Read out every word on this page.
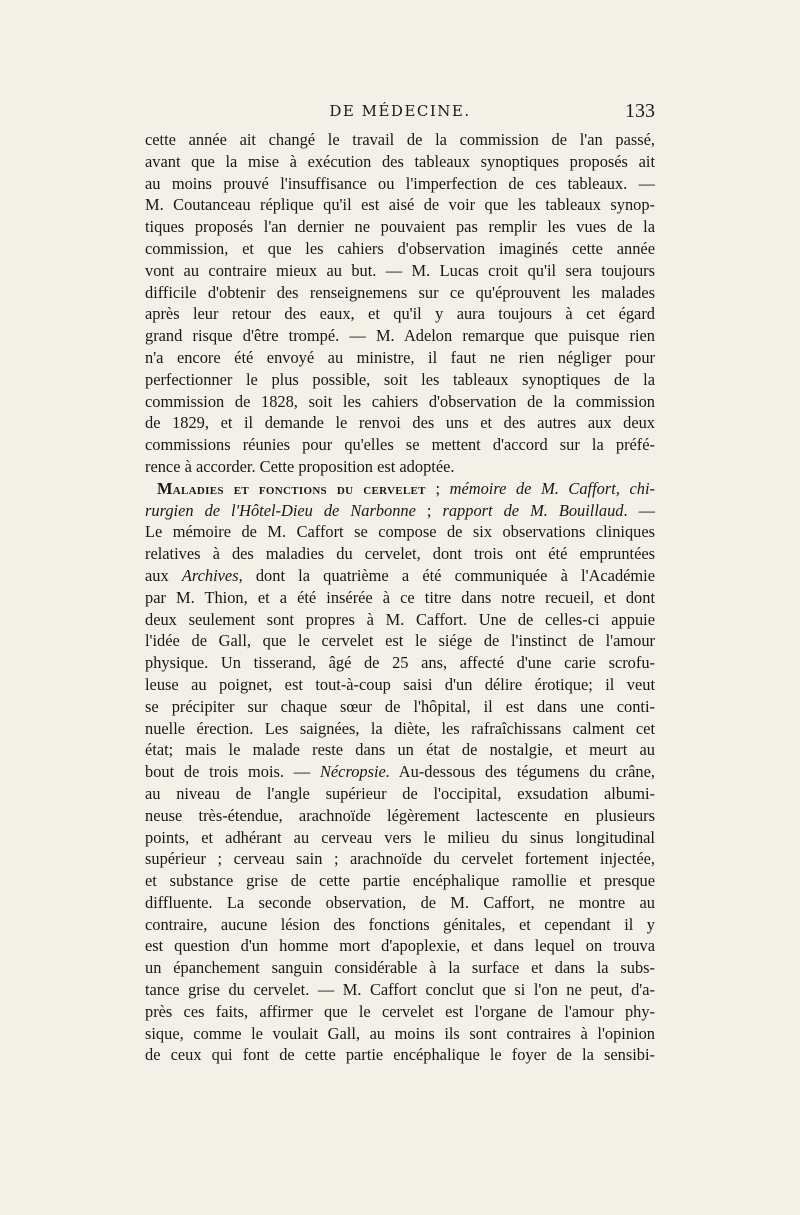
DE MÉDECINE.	133
cette année ait changé le travail de la commission de l'an passé,
avant que la mise à exécution des tableaux synoptiques proposés ait
au moins prouvé l'insuffisance ou l'imperfection de ces tableaux. —
M. Coutanceau réplique qu'il est aisé de voir que les tableaux synop-
tiques proposés l'an dernier ne pouvaient pas remplir les vues de la
commission, et que les cahiers d'observation imaginés cette année
vont au contraire mieux au but. — M. Lucas croit qu'il sera toujours
difficile d'obtenir des renseignemens sur ce qu'éprouvent les malades
après leur retour des eaux, et qu'il y aura toujours à cet égard
grand risque d'être trompé. — M. Adelon remarque que puisque rien
n'a encore été envoyé au ministre, il faut ne rien négliger pour
perfectionner le plus possible, soit les tableaux synoptiques de la
commission de 1828, soit les cahiers d'observation de la commission
de 1829, et il demande le renvoi des uns et des autres aux deux
commissions réunies pour qu'elles se mettent d'accord sur la préfé-
rence à accorder. Cette proposition est adoptée.
Maladies et fonctions du cervelet ; mémoire de M. Caffort, chi-
rurgien de l'Hôtel-Dieu de Narbonne ; rapport de M. Bouillaud. —
Le mémoire de M. Caffort se compose de six observations cliniques
relatives à des maladies du cervelet, dont trois ont été empruntées
aux Archives, dont la quatrième a été communiquée à l'Académie
par M. Thion, et a été insérée à ce titre dans notre recueil, et dont
deux seulement sont propres à M. Caffort. Une de celles-ci appuie
l'idée de Gall, que le cervelet est le siége de l'instinct de l'amour
physique. Un tisserand, âgé de 25 ans, affecté d'une carie scrofu-
leuse au poignet, est tout-à-coup saisi d'un délire érotique; il veut
se précipiter sur chaque sœur de l'hôpital, il est dans une conti-
nuelle érection. Les saignées, la diète, les rafraîchissans calment cet
état; mais le malade reste dans un état de nostalgie, et meurt au
bout de trois mois. — Nécropsie. Au-dessous des tégumens du crâne,
au niveau de l'angle supérieur de l'occipital, exsudation albumi-
neuse très-étendue, arachnoïde légèrement lactescente en plusieurs
points, et adhérant au cerveau vers le milieu du sinus longitudinal
supérieur ; cerveau sain ; arachnoïde du cervelet fortement injectée,
et substance grise de cette partie encéphalique ramollie et presque
diffluente. La seconde observation, de M. Caffort, ne montre au
contraire, aucune lésion des fonctions génitales, et cependant il y
est question d'un homme mort d'apoplexie, et dans lequel on trouva
un épanchement sanguin considérable à la surface et dans la subs-
tance grise du cervelet. — M. Caffort conclut que si l'on ne peut, d'a-
près ces faits, affirmer que le cervelet est l'organe de l'amour phy-
sique, comme le voulait Gall, au moins ils sont contraires à l'opinion
de ceux qui font de cette partie encéphalique le foyer de la sensibi-
